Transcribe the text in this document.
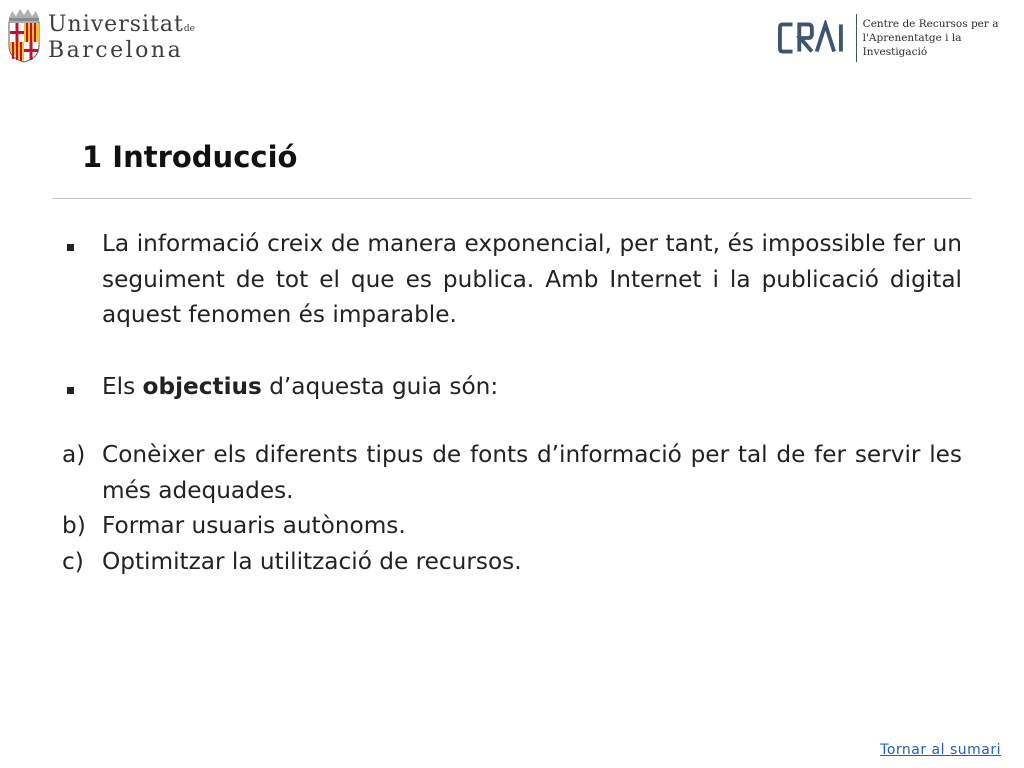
Universitatde
Barcelona
Centre de Recursos per a
l'Aprenentatge i la Investigació
1 Introducció
La informació creix de manera exponencial, per tant, és impossible fer un seguiment de tot el que es publica. Amb Internet i la publicació digital aquest fenomen és imparable.
Els objectius d’aquesta guia són:
a) Conèixer els diferents tipus de fonts d’informació per tal de fer servir les més adequades.
b) Formar usuaris autònoms.
c) Optimitzar la utilització de recursos.
Tornar al sumari
